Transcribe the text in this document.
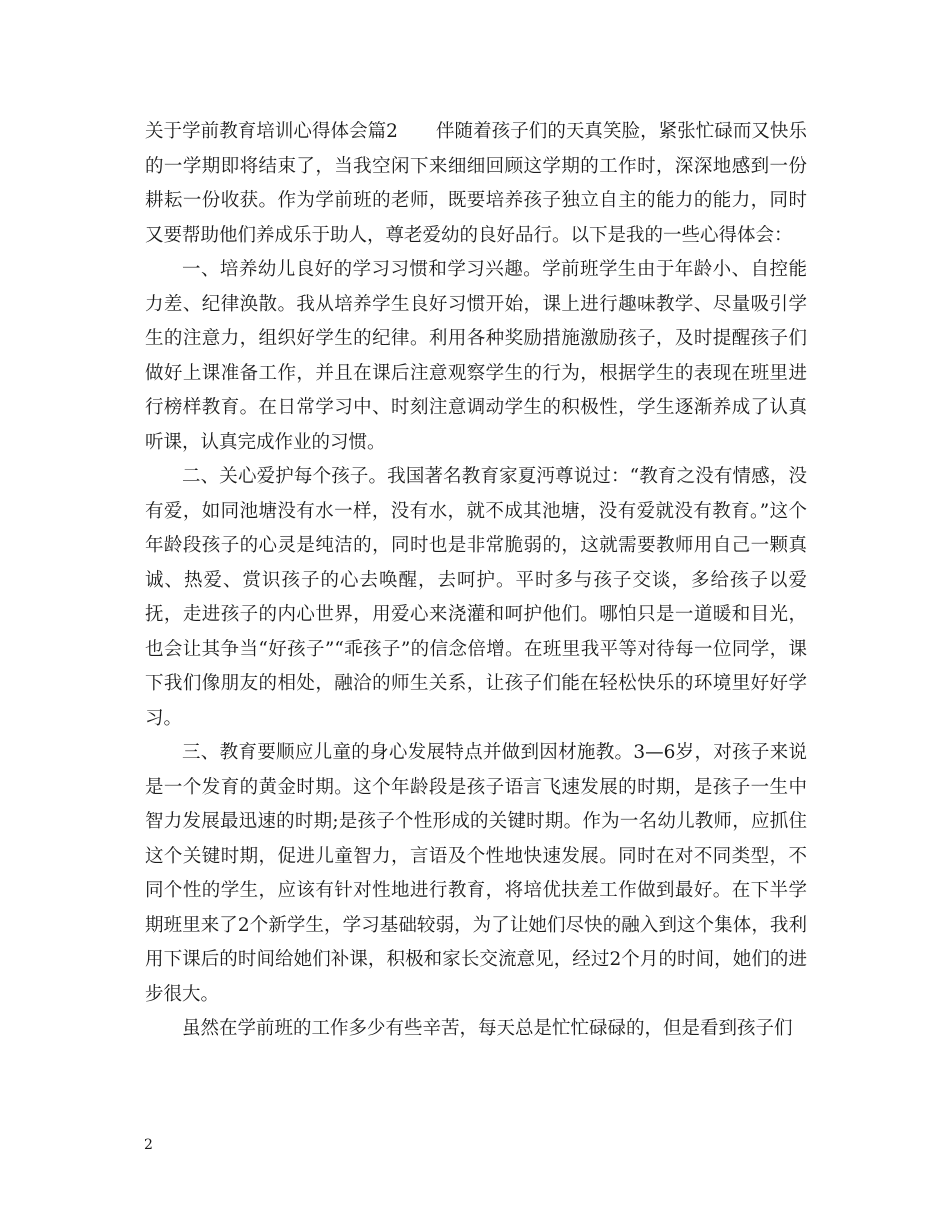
关于学前教育培训心得体会篇2 伴随着孩子们的天真笑脸，紧张忙碌而又快乐的一学期即将结束了，当我空闲下来细细回顾这学期的工作时，深深地感到一份耕耘一份收获。作为学前班的老师，既要培养孩子独立自主的能力的能力，同时又要帮助他们养成乐于助人，尊老爱幼的良好品行。以下是我的一些心得体会：

一、培养幼儿良好的学习习惯和学习兴趣。学前班学生由于年龄小、自控能力差、纪律涣散。我从培养学生良好习惯开始，课上进行趣味教学、尽量吸引学生的注意力，组织好学生的纪律。利用各种奖励措施激励孩子，及时提醒孩子们做好上课准备工作，并且在课后注意观察学生的行为，根据学生的表现在班里进行榜样教育。在日常学习中、时刻注意调动学生的积极性，学生逐渐养成了认真听课，认真完成作业的习惯。

二、关心爱护每个孩子。我国著名教育家夏沔尊说过：“教育之没有情感，没有爱，如同池塘没有水一样，没有水，就不成其池塘，没有爱就没有教育。”这个年龄段孩子的心灵是纯洁的，同时也是非常脆弱的，这就需要教师用自己一颗真诚、热爱、赏识孩子的心去唤醒，去呵护。平时多与孩子交谈，多给孩子以爱抚，走进孩子的内心世界，用爱心来浇灌和呵护他们。哪怕只是一道暖和目光，也会让其争当“好孩子”“乖孩子”的信念倍增。在班里我平等对待每一位同学，课下我们像朋友的相处，融洽的师生关系，让孩子们能在轻松快乐的环境里好好学习。

三、教育要顺应儿童的身心发展特点并做到因材施教。3—6岁，对孩子来说是一个发育的黄金时期。这个年龄段是孩子语言飞速发展的时期，是孩子一生中智力发展最迅速的时期;是孩子个性形成的关键时期。作为一名幼儿教师，应抓住这个关键时期，促进儿童智力，言语及个性地快速发展。同时在对不同类型，不同个性的学生，应该有针对性地进行教育，将培优扶差工作做到最好。在下半学期班里来了2个新学生，学习基础较弱，为了让她们尽快的融入到这个集体，我利用下课后的时间给她们补课，积极和家长交流意见，经过2个月的时间，她们的进步很大。

虽然在学前班的工作多少有些辛苦，每天总是忙忙碌碌的，但是看到孩子们

2
